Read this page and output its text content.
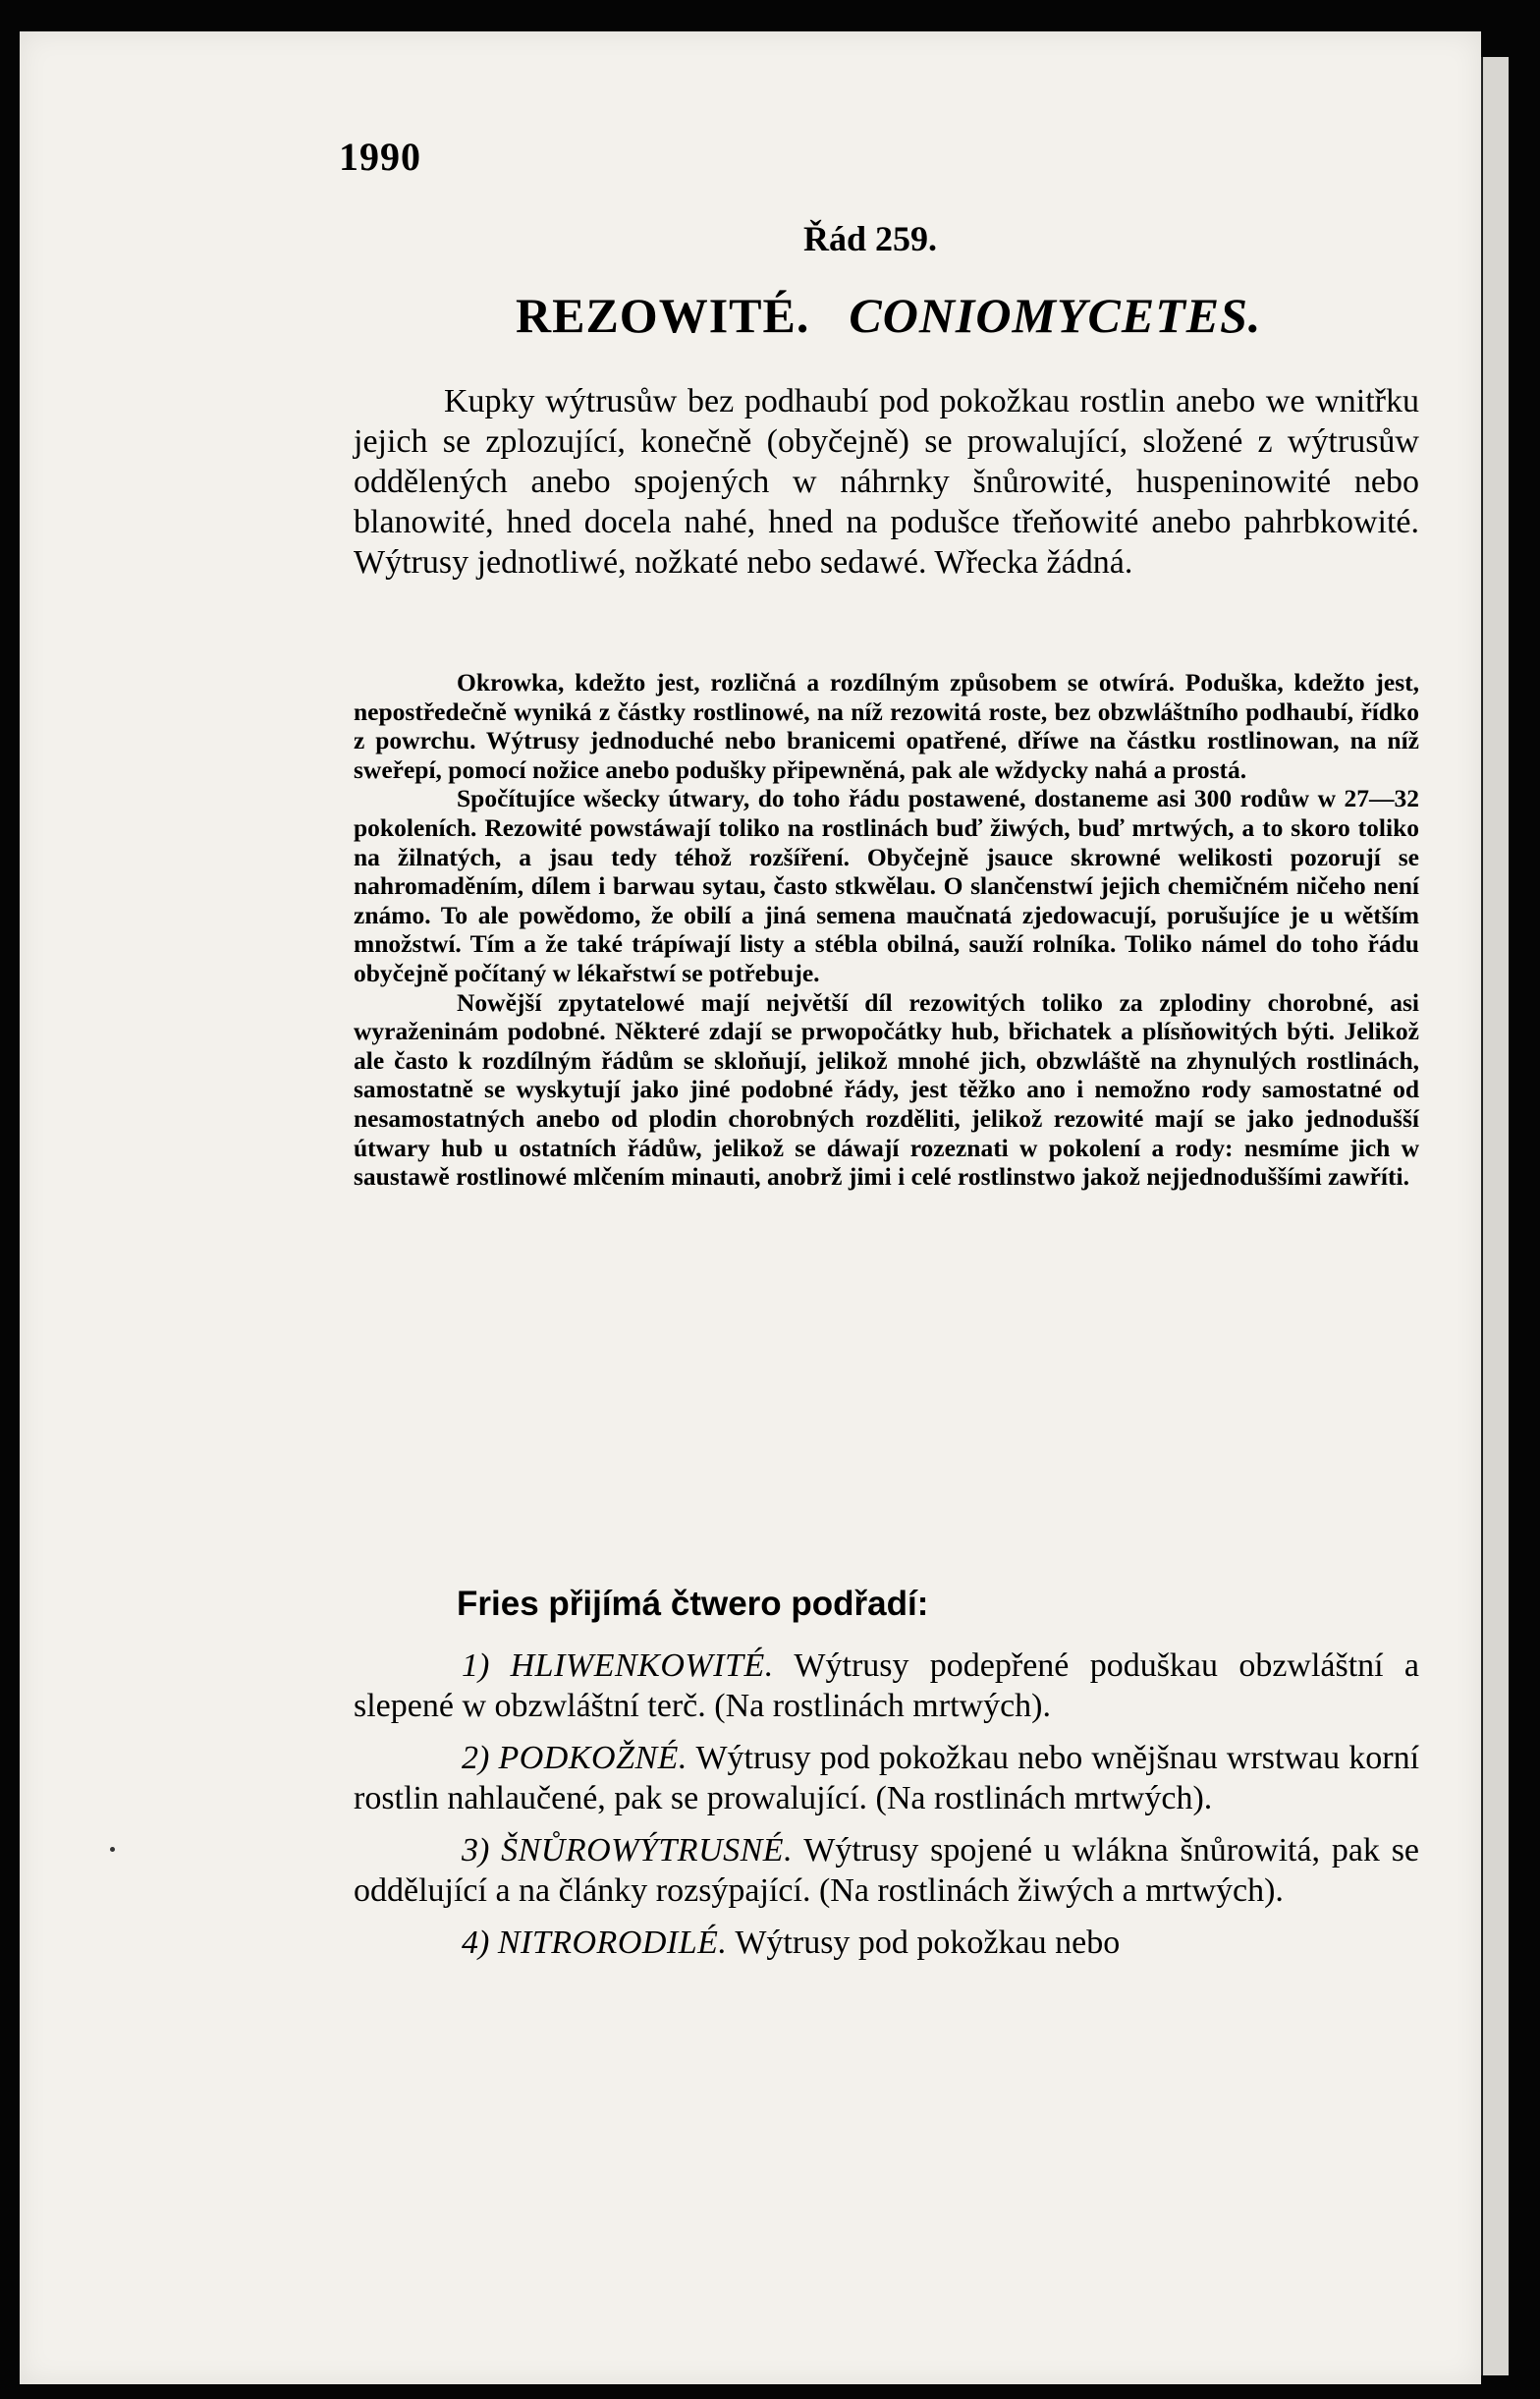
1990
Řád 259.
REZOWITÉ. CONIOMYCETES.

Kupky wýtrusůw bez podhaubí pod pokožkau rostlin anebo we wnitřku jejich se zplozující, konečně (obyčejně) se prowalující, složené z wýtrusůw oddělených anebo spojených w náhrnky šnůrowité, huspeninowité nebo blanowité, hned docela nahé, hned na podušce třeňowité anebo pahrbkowité. Wýtrusy jednotliwé, nožkaté nebo sedawé. Wřecka žádná.

Okrowka, kdežto jest, rozličná a rozdílným způsobem se otwírá. Poduška, kdežto jest, nepostředečně wyniká z částky rostlinowé, na níž rezowitá roste, bez obzwláštního podhaubí, řídko z powrchu. Wýtrusy jednoduché nebo branicemi opatřené, dříwe na částku rostlinowan, na níž sweřepí, pomocí nožice anebo podušky připewněná, pak ale wždycky nahá a prostá.

Spočítujíce wšecky útwary, do toho řádu postawené, dostaneme asi 300 rodůw w 27—32 pokoleních. Rezowité powstáwají toliko na rostlinách buď žiwých, buď mrtwých, a to skoro toliko na žilnatých, a jsau tedy téhož rozšíření. Obyčejně jsauce skrowné welikosti pozorují se nahromaděním, dílem i barwau sytau, často stkwělau. O slančenstwí jejich chemičném ničeho není známo. To ale powědomo, že obilí a jiná semena maučnatá zjedowacují, porušujíce je u wětším množstwí. Tím a že také trápíwají listy a stébla obilná, sauží rolníka. Toliko námel do toho řádu obyčejně počítaný w lékařstwí se potřebuje.

Nowější zpytatelowé mají největší díl rezowitých toliko za zplodiny chorobné, asi wyraženinám podobné. Některé zdají se prwopočátky hub, břichatek a plísňowitých býti. Jelikož ale často k rozdílným řádům se skloňují, jelikož mnohé jich, obzwláště na zhynulých rostlinách, samostatně se wyskytují jako jiné podobné řády, jest těžko ano i nemožno rody samostatné od nesamostatných anebo od plodin chorobných rozděliti, jelikož rezowité mají se jako jednodušší útwary hub u ostatních řádůw, jelikož se dáwají rozeznati w pokolení a rody: nesmíme jich w saustawě rostlinowé mlčením minauti, anobrž jimi i celé rostlinstwo jakož nejjednoduššími zawříti.

Fries přijímá čtwero podřadí:

1) HLIWENKOWITÉ. Wýtrusy podepřené poduškau obzwláštní a slepené w obzwláštní terč. (Na rostlinách mrtwých).

2) PODKOŽNÉ. Wýtrusy pod pokožkau nebo wnějšnau wrstwau korní rostlin nahlaučené, pak se prowalující. (Na rostlinách mrtwých).

3) ŠNŮROWÝTRUSNÉ. Wýtrusy spojené u wlákna šnůrowitá, pak se oddělující a na články rozsýpající. (Na rostlinách žiwých a mrtwých).

4) NITRORODILÉ. Wýtrusy pod pokožkau nebo
